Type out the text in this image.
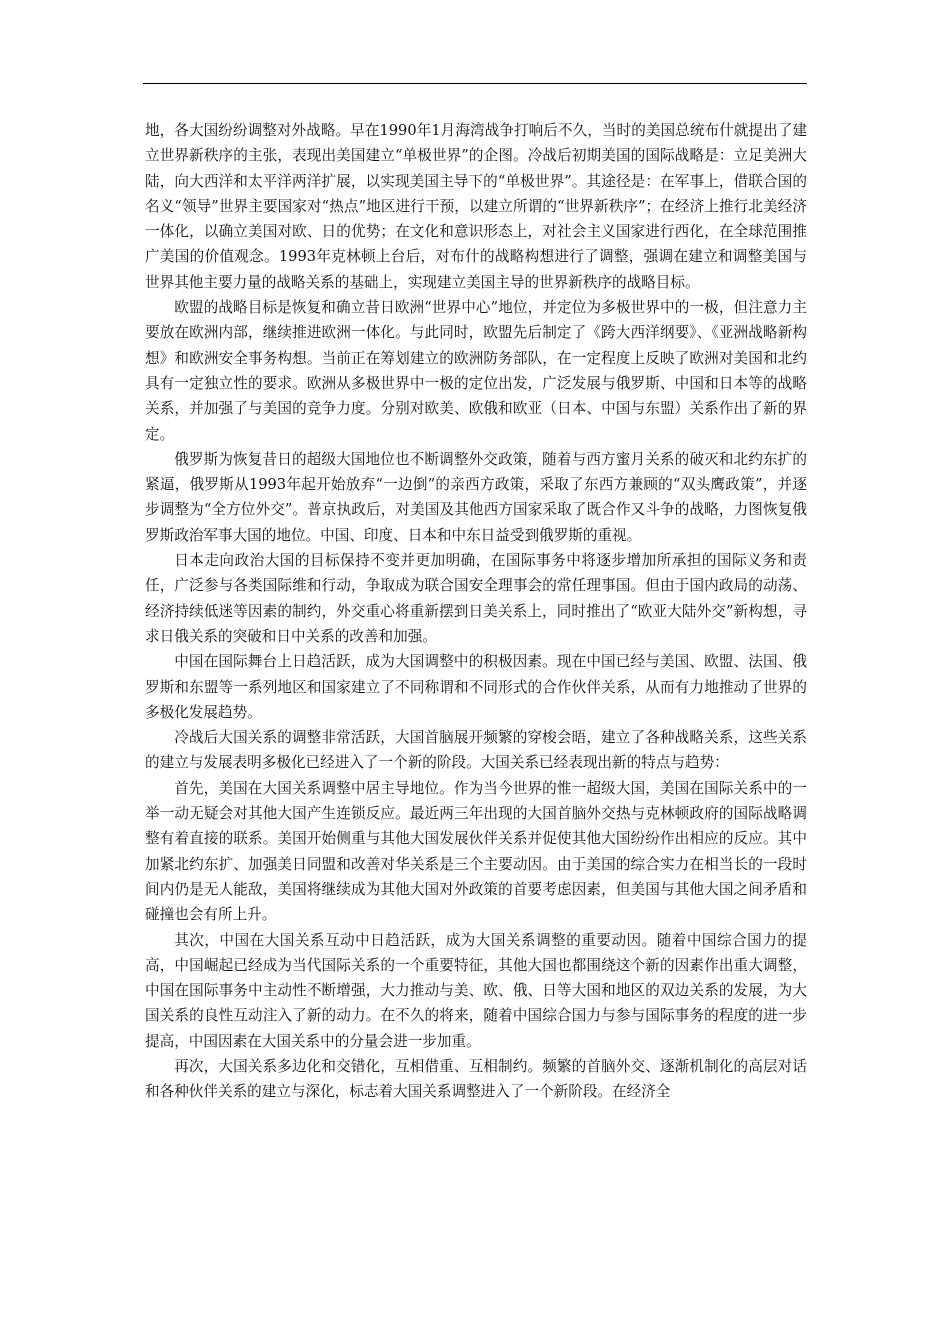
地，各大国纷纷调整对外战略。早在1990年1月海湾战争打响后不久，当时的美国总统布什就提出了建立世界新秩序的主张，表现出美国建立“单极世界”的企图。冷战后初期美国的国际战略是：立足美洲大陆，向大西洋和太平洋两洋扩展，以实现美国主导下的“单极世界”。其途径是：在军事上，借联合国的名义“领导”世界主要国家对“热点”地区进行干预，以建立所谓的“世界新秩序”；在经济上推行北美经济一体化，以确立美国对欧、日的优势；在文化和意识形态上，对社会主义国家进行西化，在全球范围推广美国的价值观念。1993年克林顿上台后，对布什的战略构想进行了调整，强调在建立和调整美国与世界其他主要力量的战略关系的基础上，实现建立美国主导的世界新秩序的战略目标。

欧盟的战略目标是恢复和确立昔日欧洲“世界中心”地位，并定位为多极世界中的一极，但注意力主要放在欧洲内部，继续推进欧洲一体化。与此同时，欧盟先后制定了《跨大西洋纲要》、《亚洲战略新构想》和欧洲安全事务构想。当前正在筹划建立的欧洲防务部队，在一定程度上反映了欧洲对美国和北约具有一定独立性的要求。欧洲从多极世界中一极的定位出发，广泛发展与俄罗斯、中国和日本等的战略关系，并加强了与美国的竞争力度。分别对欧美、欧俄和欧亚（日本、中国与东盟）关系作出了新的界定。

俄罗斯为恢复昔日的超级大国地位也不断调整外交政策，随着与西方蜜月关系的破灭和北约东扩的紧逼，俄罗斯从1993年起开始放弃“一边倒”的亲西方政策，采取了东西方兼顾的“双头鹰政策”，并逐步调整为“全方位外交”。普京执政后，对美国及其他西方国家采取了既合作又斗争的战略，力图恢复俄罗斯政治军事大国的地位。中国、印度、日本和中东日益受到俄罗斯的重视。

日本走向政治大国的目标保持不变并更加明确，在国际事务中将逐步增加所承担的国际义务和责任，广泛参与各类国际维和行动，争取成为联合国安全理事会的常任理事国。但由于国内政局的动荡、经济持续低迷等因素的制约，外交重心将重新摆到日美关系上，同时推出了“欧亚大陆外交”新构想，寻求日俄关系的突破和日中关系的改善和加强。

中国在国际舞台上日趋活跃，成为大国调整中的积极因素。现在中国已经与美国、欧盟、法国、俄罗斯和东盟等一系列地区和国家建立了不同称谓和不同形式的合作伙伴关系，从而有力地推动了世界的多极化发展趋势。

冷战后大国关系的调整非常活跃，大国首脑展开频繁的穿梭会晤，建立了各种战略关系，这些关系的建立与发展表明多极化已经进入了一个新的阶段。大国关系已经表现出新的特点与趋势：

首先，美国在大国关系调整中居主导地位。作为当今世界的惟一超级大国，美国在国际关系中的一举一动无疑会对其他大国产生连锁反应。最近两三年出现的大国首脑外交热与克林顿政府的国际战略调整有着直接的联系。美国开始侧重与其他大国发展伙伴关系并促使其他大国纷纷作出相应的反应。其中加紧北约东扩、加强美日同盟和改善对华关系是三个主要动因。由于美国的综合实力在相当长的一段时间内仍是无人能敌，美国将继续成为其他大国对外政策的首要考虑因素，但美国与其他大国之间矛盾和碰撞也会有所上升。

其次，中国在大国关系互动中日趋活跃，成为大国关系调整的重要动因。随着中国综合国力的提高，中国崛起已经成为当代国际关系的一个重要特征，其他大国也都围绕这个新的因素作出重大调整，中国在国际事务中主动性不断增强，大力推动与美、欧、俄、日等大国和地区的双边关系的发展，为大国关系的良性互动注入了新的动力。在不久的将来，随着中国综合国力与参与国际事务的程度的进一步提高，中国因素在大国关系中的分量会进一步加重。

再次，大国关系多边化和交错化，互相借重、互相制约。频繁的首脑外交、逐渐机制化的高层对话和各种伙伴关系的建立与深化，标志着大国关系调整进入了一个新阶段。在经济全
